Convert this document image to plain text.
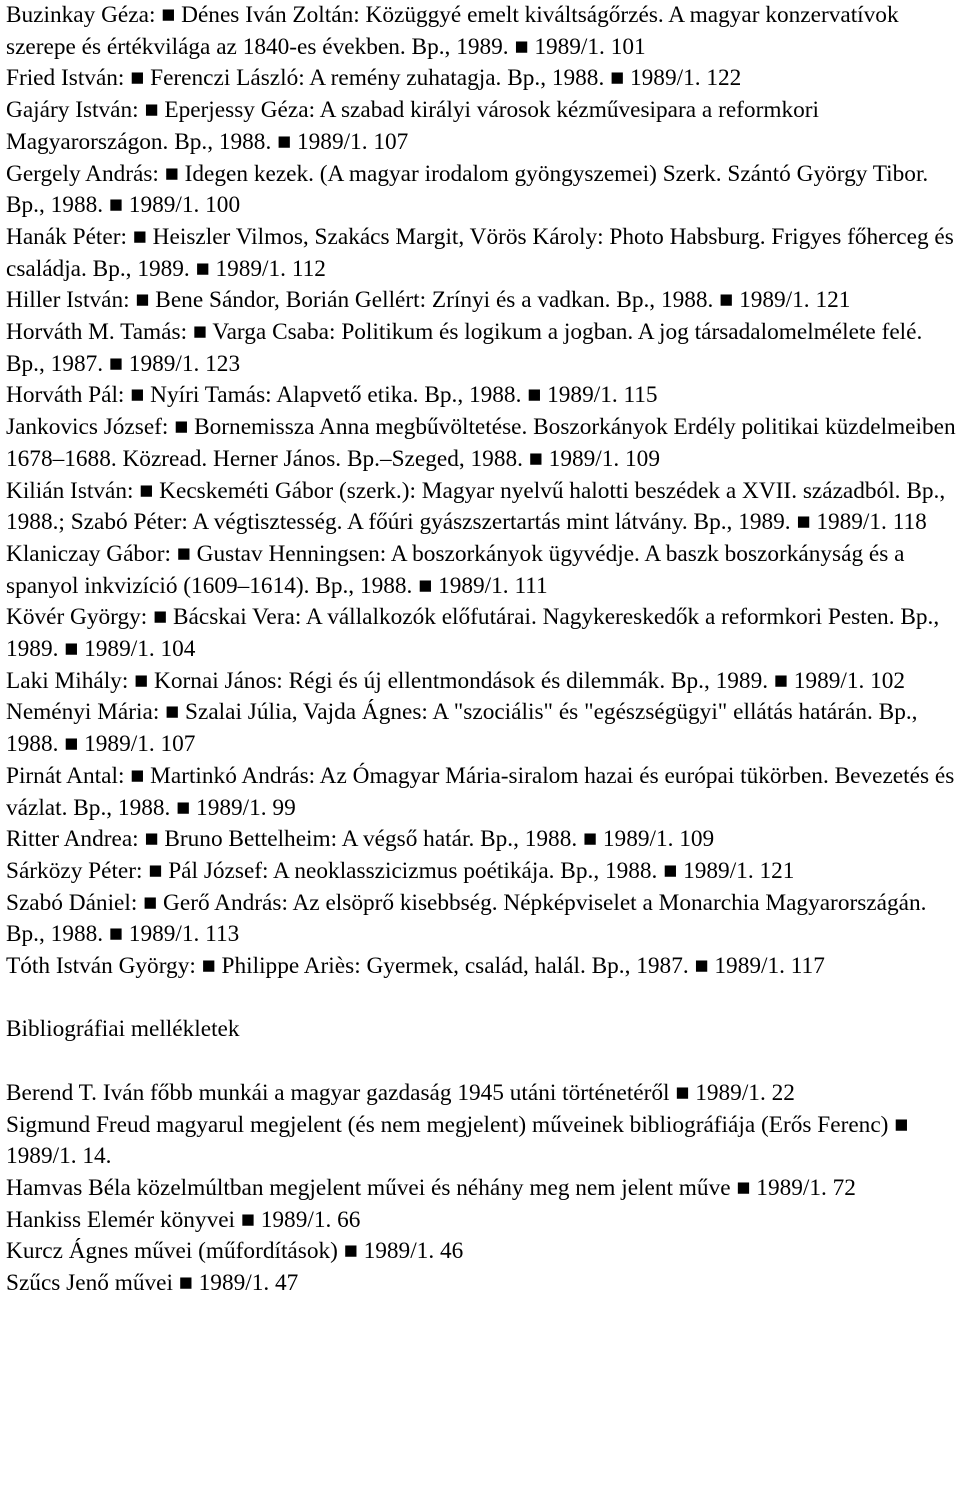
Buzinkay Géza: ■ Dénes Iván Zoltán: Közüggyé emelt kiváltságőrzés. A magyar konzervatívok szerepe és értékvilága az 1840-es években. Bp., 1989. ■ 1989/1. 101

Fried István: ■ Ferenczi László: A remény zuhatagja. Bp., 1988. ■ 1989/1. 122

Gajáry István: ■ Eperjessy Géza: A szabad királyi városok kézművesipara a reformkori Magyarországon. Bp., 1988. ■ 1989/1. 107

Gergely András: ■ Idegen kezek. (A magyar irodalom gyöngyszemei) Szerk. Szántó György Tibor. Bp., 1988. ■ 1989/1. 100

Hanák Péter: ■ Heiszler Vilmos, Szakács Margit, Vörös Károly: Photo Habsburg. Frigyes főherceg és családja. Bp., 1989. ■ 1989/1. 112

Hiller István: ■ Bene Sándor, Borián Gellért: Zrínyi és a vadkan. Bp., 1988. ■ 1989/1. 121

Horváth M. Tamás: ■ Varga Csaba: Politikum és logikum a jogban. A jog társadalomelmélete felé. Bp., 1987. ■ 1989/1. 123

Horváth Pál: ■ Nyíri Tamás: Alapvető etika. Bp., 1988. ■ 1989/1. 115

Jankovics József: ■ Bornemissza Anna megbűvöltetése. Boszorkányok Erdély politikai küzdelmeiben 1678–1688. Közread. Herner János. Bp.–Szeged, 1988. ■ 1989/1. 109

Kilián István: ■ Kecskeméti Gábor (szerk.): Magyar nyelvű halotti beszédek a XVII. századból. Bp., 1988.; Szabó Péter: A végtisztesség. A főúri gyászszertartás mint látvány. Bp., 1989. ■ 1989/1. 118

Klaniczay Gábor: ■ Gustav Henningsen: A boszorkányok ügyvédje. A baszk boszorkányság és a spanyol inkvizíció (1609–1614). Bp., 1988. ■ 1989/1. 111

Kövér György: ■ Bácskai Vera: A vállalkozók előfutárai. Nagykereskedők a reformkori Pesten. Bp., 1989. ■ 1989/1. 104

Laki Mihály: ■ Kornai János: Régi és új ellentmondások és dilemmák. Bp., 1989. ■ 1989/1. 102

Neményi Mária: ■ Szalai Júlia, Vajda Ágnes: A "szociális" és "egészségügyi" ellátás határán. Bp., 1988. ■ 1989/1. 107

Pirnát Antal: ■ Martinkó András: Az Ómagyar Mária-siralom hazai és európai tükörben. Bevezetés és vázlat. Bp., 1988. ■ 1989/1. 99

Ritter Andrea: ■ Bruno Bettelheim: A végső határ. Bp., 1988. ■ 1989/1. 109

Sárközy Péter: ■ Pál József: A neoklasszicizmus poétikája. Bp., 1988. ■ 1989/1. 121

Szabó Dániel: ■ Gerő András: Az elsöprő kisebbség. Népképviselet a Monarchia Magyarországán. Bp., 1988. ■ 1989/1. 113

Tóth István György: ■ Philippe Ariès: Gyermek, család, halál. Bp., 1987. ■ 1989/1. 117

Bibliográfiai mellékletek

Berend T. Iván főbb munkái a magyar gazdaság 1945 utáni történetéről ■ 1989/1. 22

Sigmund Freud magyarul megjelent (és nem megjelent) műveinek bibliográfiája (Erős Ferenc) ■ 1989/1. 14.

Hamvas Béla közelmúltban megjelent művei és néhány meg nem jelent műve ■ 1989/1. 72

Hankiss Elemér könyvei ■ 1989/1. 66

Kurcz Ágnes művei (műfordítások) ■ 1989/1. 46

Szűcs Jenő művei ■ 1989/1. 47
